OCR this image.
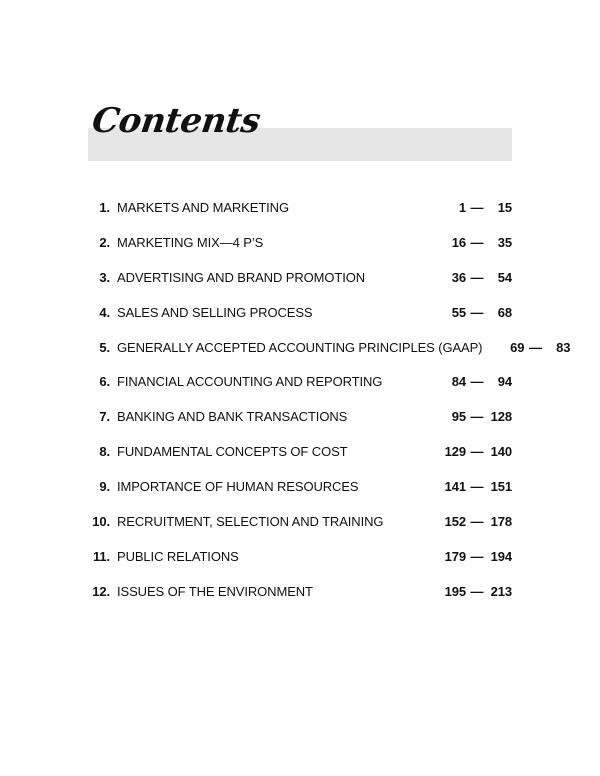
Contents
1. MARKETS AND MARKETING	1 —	15
2. MARKETING MIX—4 P’S	16 —	35
3. ADVERTISING AND BRAND PROMOTION	36 —	54
4. SALES AND SELLING PROCESS	55 —	68
5. GENERALLY ACCEPTED ACCOUNTING PRINCIPLES (GAAP)	69 —	83
6. FINANCIAL ACCOUNTING AND REPORTING	84 —	94
7. BANKING AND BANK TRANSACTIONS	95 — 128
8. FUNDAMENTAL CONCEPTS OF COST	129 — 140
9. IMPORTANCE OF HUMAN RESOURCES	141 — 151
10. RECRUITMENT, SELECTION AND TRAINING	152 — 178
11. PUBLIC RELATIONS	179 — 194
12. ISSUES OF THE ENVIRONMENT	195 — 213
